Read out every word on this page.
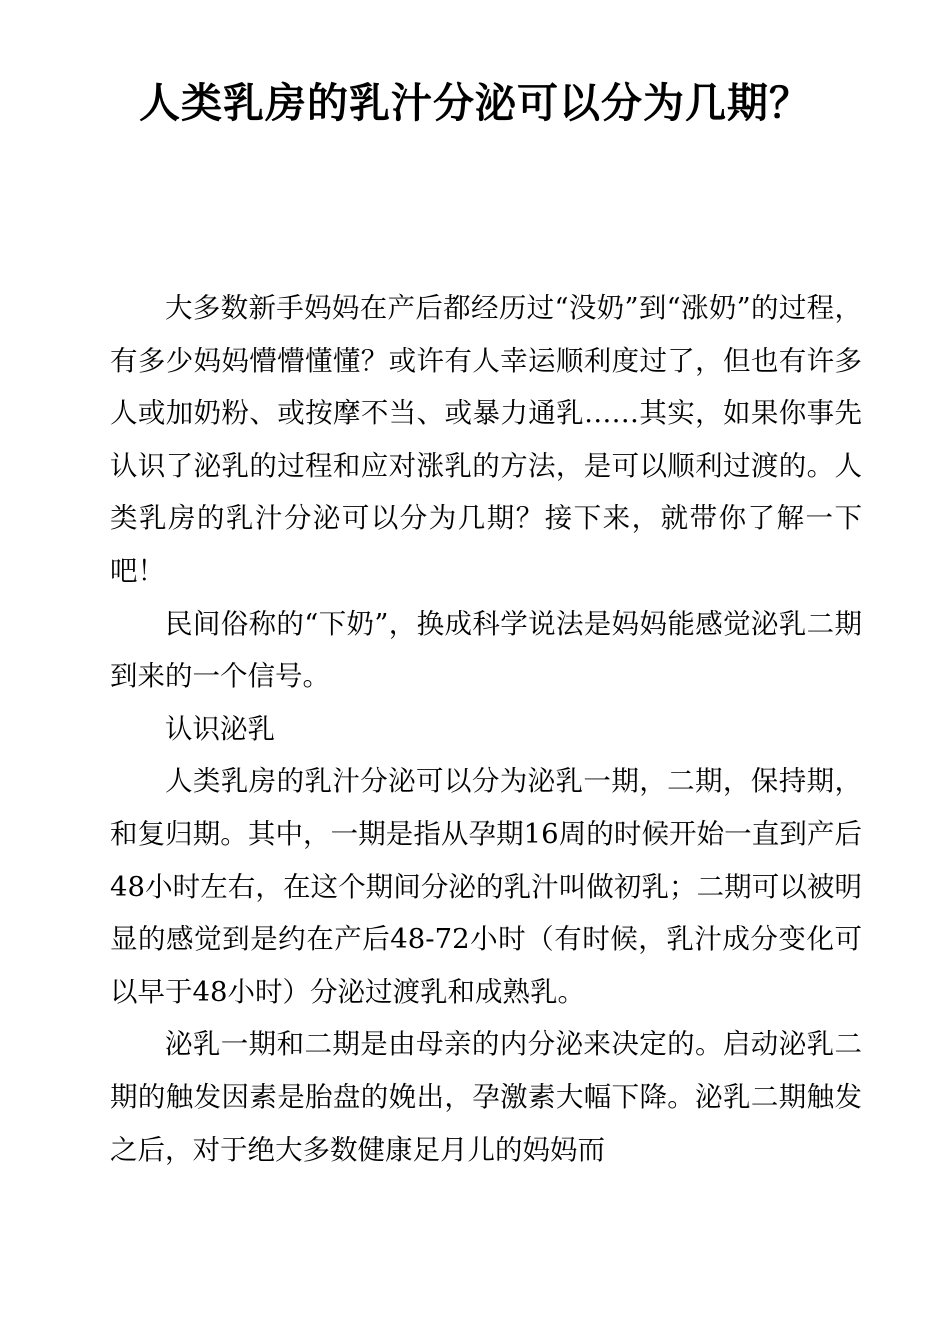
人类乳房的乳汁分泌可以分为几期？

大多数新手妈妈在产后都经历过“没奶”到“涨奶”的过程，有多少妈妈懵懵懂懂？或许有人幸运顺利度过了，但也有许多人或加奶粉、或按摩不当、或暴力通乳……其实，如果你事先认识了泌乳的过程和应对涨乳的方法，是可以顺利过渡的。人类乳房的乳汁分泌可以分为几期？接下来，就带你了解一下吧！

民间俗称的“下奶”，换成科学说法是妈妈能感觉泌乳二期到来的一个信号。

认识泌乳

人类乳房的乳汁分泌可以分为泌乳一期，二期，保持期，和复归期。其中，一期是指从孕期16周的时候开始一直到产后48小时左右，在这个期间分泌的乳汁叫做初乳；二期可以被明显的感觉到是约在产后48-72小时（有时候，乳汁成分变化可以早于48小时）分泌过渡乳和成熟乳。

泌乳一期和二期是由母亲的内分泌来决定的。启动泌乳二期的触发因素是胎盘的娩出，孕激素大幅下降。泌乳二期触发之后，对于绝大多数健康足月儿的妈妈而
